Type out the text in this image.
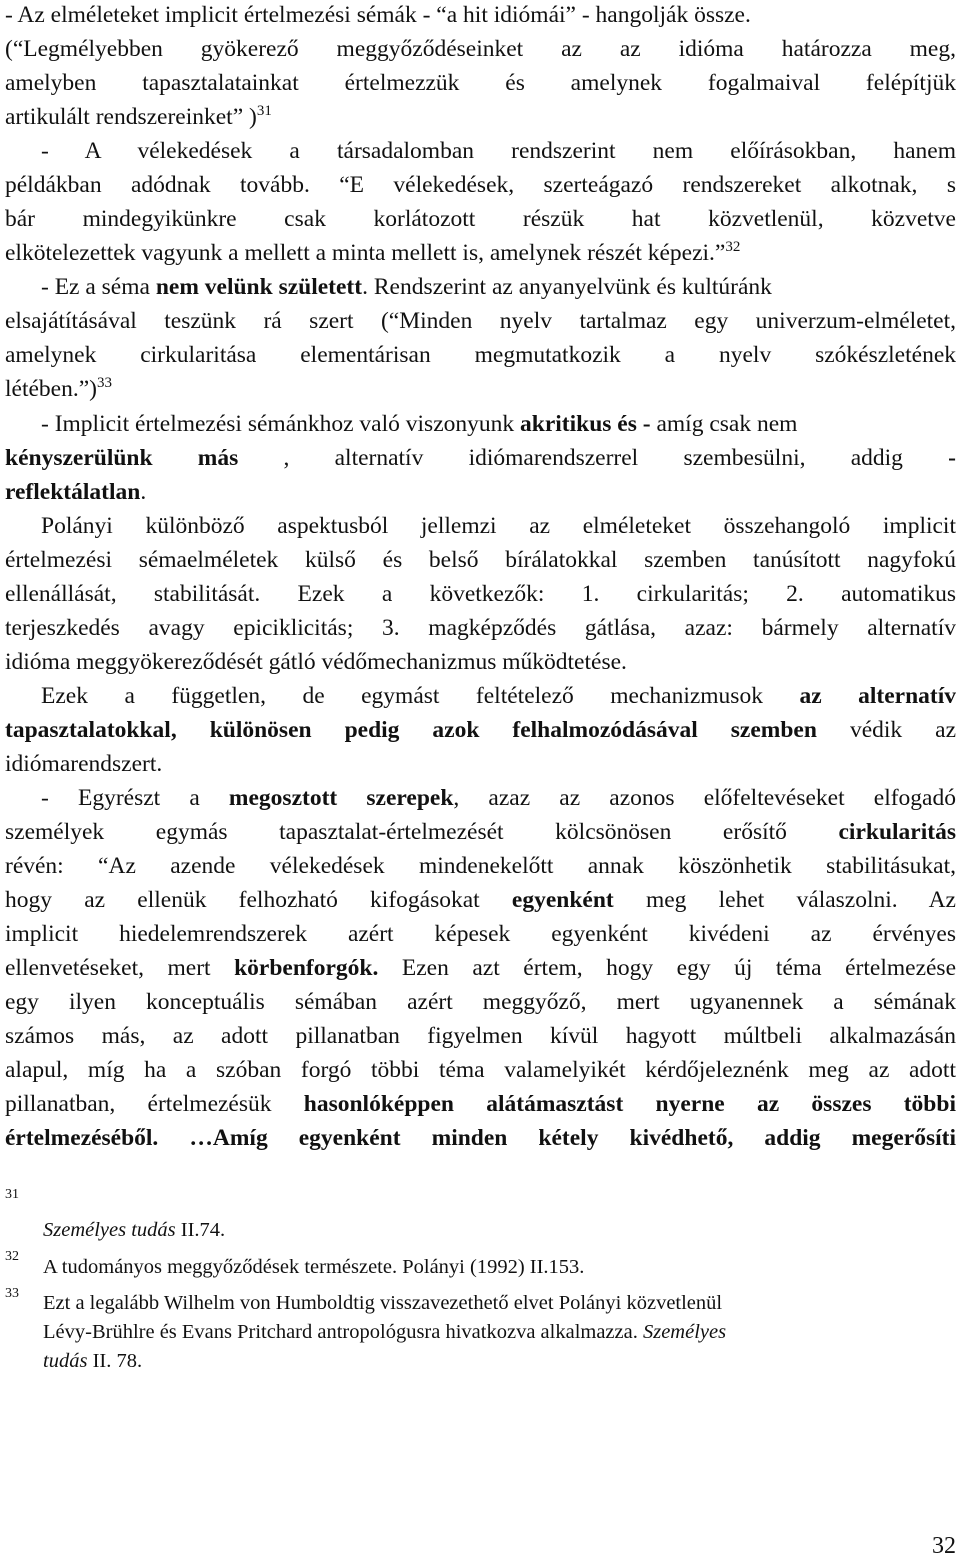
- Az elméleteket implicit értelmezési sémák - “a hit idiómái” - hangolják össze.
(“Legmélyebben gyökerező meggyőződéseinket az az idióma határozza meg,
amelyben tapasztalatainkat értelmezzük és amelynek fogalmaival felépítjük
artikulált rendszereinket” )$^{31}$
- A vélekedések a társadalomban rendszerint nem előírásokban, hanem
példákban adódnak tovább. “E vélekedések, szerteágazó rendszereket alkotnak, s
bár mindegyikünkre csak korlátozott részük hat közvetlenül, közvetve
elkötelezettek vagyunk a mellett a minta mellett is, amelynek részét képezi.”$^{32}$
- Ez a séma nem velünk született. Rendszerint az anyanyelvünk és kultúránk
elsajátításával teszünk rá szert (“Minden nyelv tartalmaz egy univerzum-elméletet,
amelynek cirkularitása elementárisan megmutatkozik a nyelv szókészletének
létében.”)$^{33}$
- Implicit értelmezési sémánkhoz való viszonyunk akritikus és - amíg csak nem
kényszerülünk más , alternatív idiómarendszerrel szembesülni, addig -
reflektálatlan.
Polányi különböző aspektusból jellemzi az elméleteket összehangoló implicit
értelmezési sémaelméletek külső és belső bírálatokkal szemben tanúsított nagyfokú
ellenállását, stabilitását. Ezek a következők: 1. cirkularitás; 2. automatikus
terjeszkedés avagy epiciklicitás; 3. magképződés gátlása, azaz: bármely alternatív
idióma meggyökereződését gátló védőmechanizmus működtetése.
Ezek a független, de egymást feltételező mechanizmusok az alternatív
tapasztalatokkal, különösen pedig azok felhalmozódásával szemben védik az
idiómarendszert.
- Egyrészt a megosztott szerepek, azaz az azonos előfeltevéseket elfogadó
személyek egymás tapasztalat-értelmezését kölcsönösen erősítő cirkularitás
révén: “Az azende vélekedések mindenekelőtt annak köszönhetik stabilitásukat,
hogy az ellenük felhozható kifogásokat egyenként meg lehet válaszolni. Az
implicit hiedelemrendszerek azért képesek egyenként kivédeni az érvényes
ellenvetéseket, mert körbenforgók. Ezen azt értem, hogy egy új téma értelmezése
egy ilyen konceptuális sémában azért meggyőző, mert ugyanennek a sémának
számos más, az adott pillanatban figyelmen kívül hagyott múltbeli alkalmazásán
alapul, míg ha a szóban forgó többi téma valamelyikét kérdőjeleznénk meg az adott
pillanatban, értelmezésük hasonlóképpen alátámasztást nyerne az összes többi
értelmezéséből. …Amíg egyenként minden kétely kivédhető, addig megerősíti
31
Személyes tudás II.74.
32 A tudományos meggyőződések természete. Polányi (1992) II.153.
33 Ezt a legalább Wilhelm von Humboldtig visszavezethető elvet Polányi közvetlenül
Lévy-Brühlre és Evans Pritchard antropológusra hivatkozva alkalmazza. Személyes
tudás II. 78.
32
